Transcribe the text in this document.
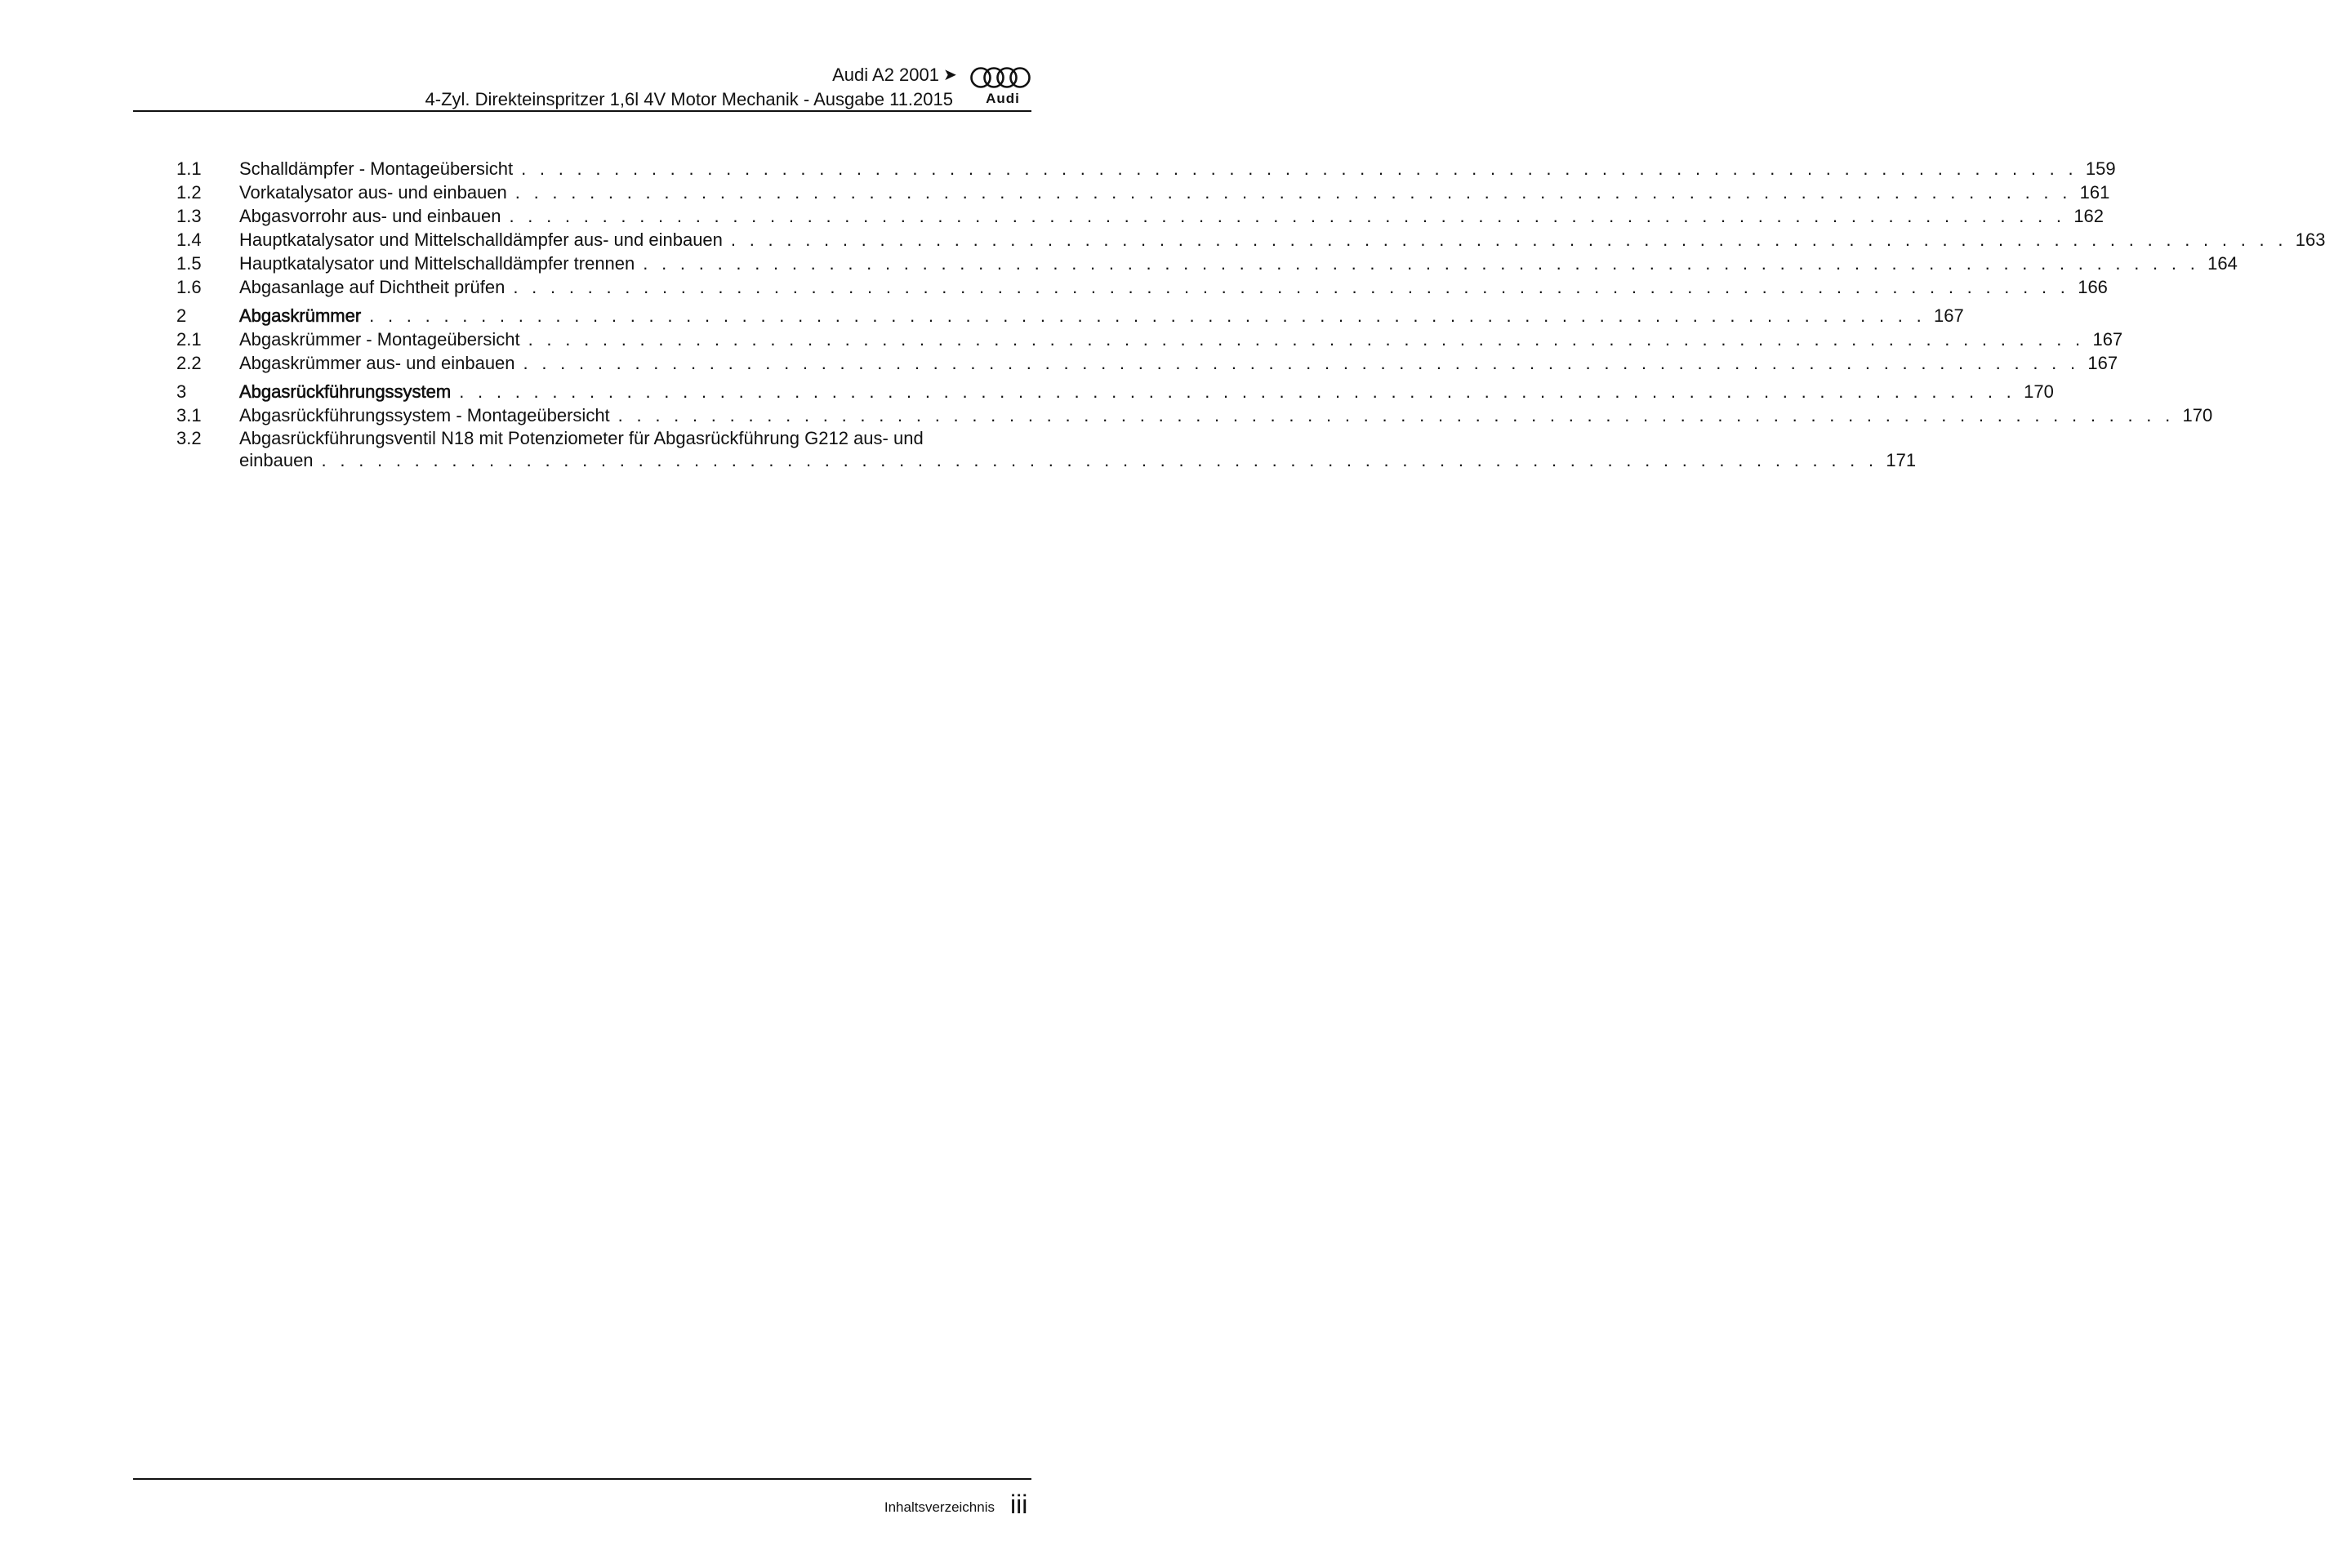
Audi A2 2001 ➤
4-Zyl. Direkteinspritzer 1,6l 4V Motor Mechanik - Ausgabe 11.2015	Audi
1.1	Schalldämpfer - Montageübersicht . . . . . . . . . . . . . . . . . . . . . . . . . . . . . . . . . . . . . . . . . . . . . . . . . . . . . . . . . . . . . . . . . . . . . . . . . . . . . . . . . . . . 159
1.2	Vorkatalysator aus- und einbauen . . . . . . . . . . . . . . . . . . . . . . . . . . . . . . . . . . . . . . . . . . . . . . . . . . . . . . . . . . . . . . . . . . . . . . . . . . . . . . . . . . . . 161
1.3	Abgasvorrohr aus- und einbauen . . . . . . . . . . . . . . . . . . . . . . . . . . . . . . . . . . . . . . . . . . . . . . . . . . . . . . . . . . . . . . . . . . . . . . . . . . . . . . . . . . . . 162
1.4	Hauptkatalysator und Mittelschalldämpfer aus- und einbauen . . . . . . . . . . . . . . . . . . . . . . . . . . . . . . . . . . . . . . . . . . . . . . . . . . . . . . . . . . . . . . . . . . . . . . . . . . . . . . . . . . . . 163
1.5	Hauptkatalysator und Mittelschalldämpfer trennen . . . . . . . . . . . . . . . . . . . . . . . . . . . . . . . . . . . . . . . . . . . . . . . . . . . . . . . . . . . . . . . . . . . . . . . . . . . . . . . . . . . . 164
1.6	Abgasanlage auf Dichtheit prüfen . . . . . . . . . . . . . . . . . . . . . . . . . . . . . . . . . . . . . . . . . . . . . . . . . . . . . . . . . . . . . . . . . . . . . . . . . . . . . . . . . . . . 166
2	Abgaskrümmer . . . . . . . . . . . . . . . . . . . . . . . . . . . . . . . . . . . . . . . . . . . . . . . . . . . . . . . . . . . . . . . . . . . . . . . . . . . . . . . . . . . . 167
2.1	Abgaskrümmer - Montageübersicht . . . . . . . . . . . . . . . . . . . . . . . . . . . . . . . . . . . . . . . . . . . . . . . . . . . . . . . . . . . . . . . . . . . . . . . . . . . . . . . . . . . . 167
2.2	Abgaskrümmer aus- und einbauen . . . . . . . . . . . . . . . . . . . . . . . . . . . . . . . . . . . . . . . . . . . . . . . . . . . . . . . . . . . . . . . . . . . . . . . . . . . . . . . . . . . . 167
3	Abgasrückführungssystem . . . . . . . . . . . . . . . . . . . . . . . . . . . . . . . . . . . . . . . . . . . . . . . . . . . . . . . . . . . . . . . . . . . . . . . . . . . . . . . . . . . . 170
3.1	Abgasrückführungssystem - Montageübersicht . . . . . . . . . . . . . . . . . . . . . . . . . . . . . . . . . . . . . . . . . . . . . . . . . . . . . . . . . . . . . . . . . . . . . . . . . . . . . . . . . . . . 170
3.2	Abgasrückführungsventil N18 mit Potenziometer für Abgasrückführung G212 aus- und
einbauen . . . . . . . . . . . . . . . . . . . . . . . . . . . . . . . . . . . . . . . . . . . . . . . . . . . . . . . . . . . . . . . . . . . . . . . . . . . . . . . . . . . . 171
Inhaltsverzeichnis iii
